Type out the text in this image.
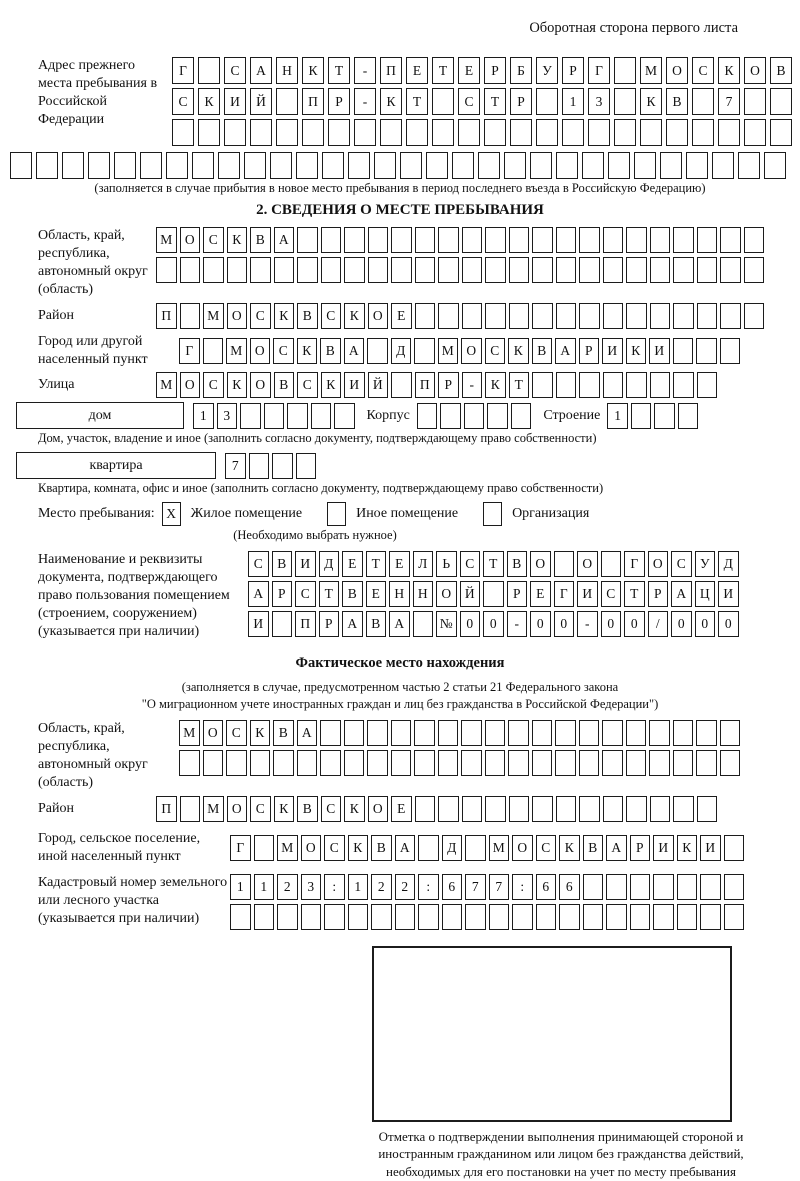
Оборотная сторона первого листа
Адрес прежнего места пребывания в Российской Федерации
Г	С	А	Н	К	Т	-	П	Е	Т	Е	Р	Б	У	Р	Г	М	О	С	К	О	В
С	К	И	Й	П	Р	-	К	Т	С	Т	Р	1	3	К	В	7
(заполняется в случае прибытия в новое место пребывания в период последнего въезда в Российскую Федерацию)
2. СВЕДЕНИЯ О МЕСТЕ ПРЕБЫВАНИЯ
Область, край, республика, автономный округ (область)
М О	С	К	В	А
Район	П	М О	С	К	В	С	К	О	Е
Город или другой населенный пункт
Г	М О	С	К	В	А	Д	М О	С	К	В	А	Р	И	К	И
Улица	М О	С	К	О	В	С	К	И	Й	П	Р	-	К	Т
дом	1	3	Корпус	Строение	1
Дом, участок, владение и иное (заполнить согласно документу, подтверждающему право собственности)
квартира	7
Квартира, комната, офис и иное (заполнить согласно документу, подтверждающему право собственности)
Место пребывания: X	Жилое помещение	Иное помещение	Организация
(Необходимо выбрать нужное)
Наименование и реквизиты документа, подтверждающего право пользования помещением (строением, сооружением) (указывается при наличии)
С	В	И	Д	Е	Т	Е	Л	Ь	С	Т	В	О	О	Г	О	С	У	Д
А	Р	С	Т	В	Е	Н	Н	О	Й	Р	Е	Г	И	С	Т	Р	А	Ц	И
И	П	Р	А	В	А	№	0	0	-	0	0	-	0	0	/	0	0	0
Фактическое место нахождения
(заполняется в случае, предусмотренном частью 2 статьи 21 Федерального закона
"О миграционном учете иностранных граждан и лиц без гражданства в Российской Федерации")
Область, край, республика, автономный округ (область)
М О	С	К	В	А
Район	П	М О	С	К	В	С	К	О	Е
Город, сельское поселение, иной населенный пункт
Г	М О	С	К	В	А	Д	М О	С	К	В	А	Р	И	К	И
Кадастровый номер земельного или лесного участка (указывается при наличии)
1	1	2	3	:	1	2	2	:	6	7	7	:	6	6
Отметка о подтверждении выполнения принимающей стороной и иностранным гражданином или лицом без гражданства действий, необходимых для его постановки на учет по месту пребывания
